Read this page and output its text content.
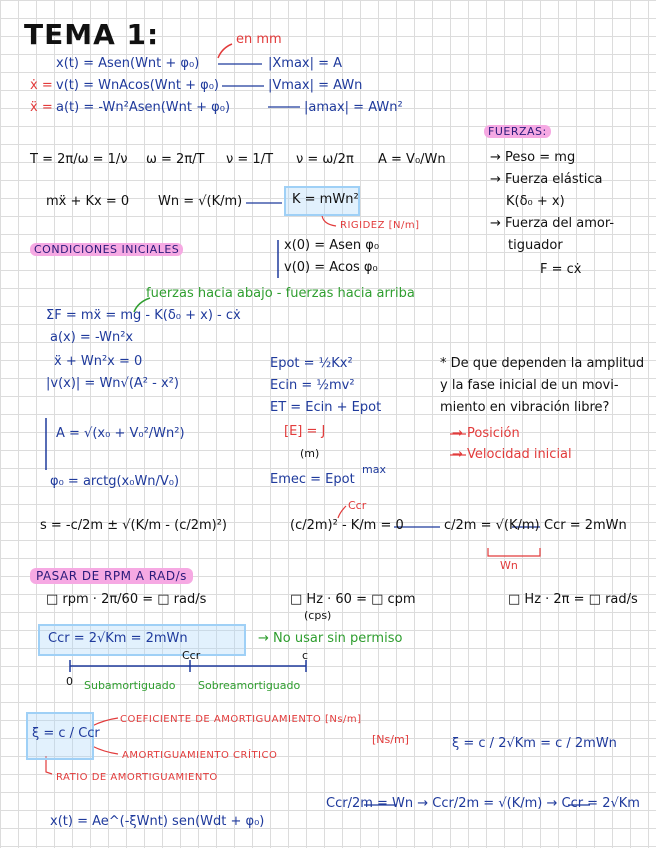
TEMA 1:	en mm
x(t) = Asen(Wnt + φ₀)	|Xmax| = A
ẋ = v(t) = WnAcos(Wnt + φ₀)	|Vmax| = AWn
ẍ = a(t) = -Wn²Asen(Wnt + φ₀)	|amax| = AWn²
FUERZAS:
T = 2π/ω = 1/ν ω = 2π/T ν = 1/T ν = ω/2π A = V₀/Wn	→ Peso = mg
→ Fuerza elástica
K(δ₀ + x)
→ Fuerza del amor-
tiguador
F = cẋ
mẍ + Kx = 0 Wn = √(K/m)	K = mWn²
RIGIDEZ [N/m]
CONDICIONES INICIALES	x(0) = Asen φ₀
v(0) = Acos φ₀
fuerzas hacia abajo - fuerzas hacia arriba
ΣF = mẍ = mg - K(δ₀ + x) - cẋ
a(x) = -Wn²x
ẍ + Wn²x = 0
|v(x)| = Wn√(A² - x²)
Epot = ½Kx²
Ecin = ½mv²
ET = Ecin + Epot
[E] = J
(m)
Emec = Epot
max
* De que dependen la amplitud
y la fase inicial de un movi-
miento en vibración libre?
→ Posición
→ Velocidad inicial
A = √(x₀ + V₀²/Wn²)
φ₀ = arctg(x₀Wn/V₀)
Ccr
s = -c/2m ± √(K/m - (c/2m)²)	(c/2m)² - K/m = 0	c/2m = √(K/m) Ccr = 2mWn
Wn
PASAR DE RPM A RAD/s
□ rpm · 2π/60 = □ rad/s	□ Hz · 60 = □ cpm
(cps)
□ Hz · 2π = □ rad/s
Ccr = 2√Km = 2mWn	→ No usar sin permiso
0
Ccr	c
Subamortiguado Sobreamortiguado
ξ = c / Ccr
COEFICIENTE DE AMORTIGUAMIENTO [Ns/m]
AMORTIGUAMIENTO CRÍTICO
[Ns/m]
RATIO DE AMORTIGUAMIENTO
ξ = c / 2√Km = c / 2mWn
x(t) = Ae^(-ξWnt) sen(Wdt + φ₀)
Ccr/2m = Wn → Ccr/2m = √(K/m) → Ccr = 2√Km
